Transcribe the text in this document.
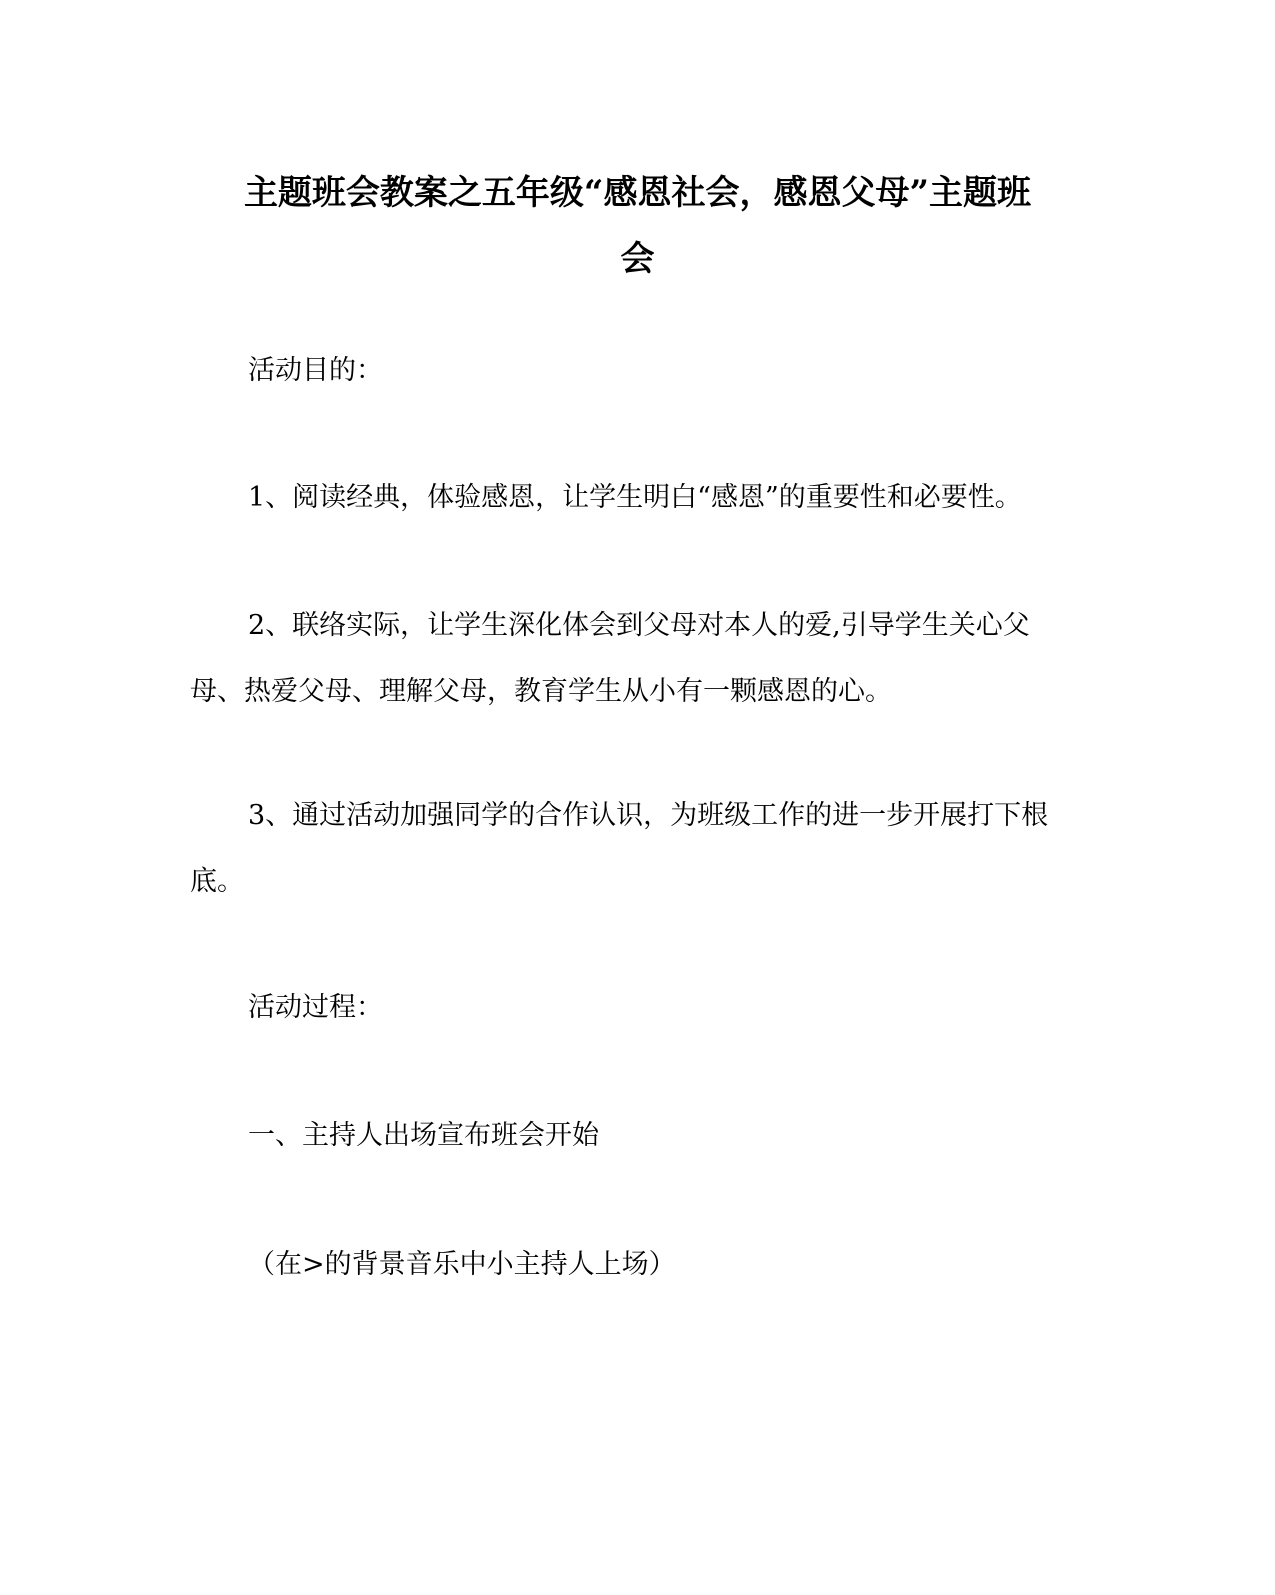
主题班会教案之五年级“感恩社会，感恩父母”主题班
会

活动目的：

1、阅读经典，体验感恩，让学生明白“感恩”的重要性和必要性。

2、联络实际，让学生深化体会到父母对本人的爱,引导学生关心父母、热爱父母、理解父母，教育学生从小有一颗感恩的心。

3、通过活动加强同学的合作认识，为班级工作的进一步开展打下根底。

活动过程：

一、主持人出场宣布班会开始

（在>的背景音乐中小主持人上场）
